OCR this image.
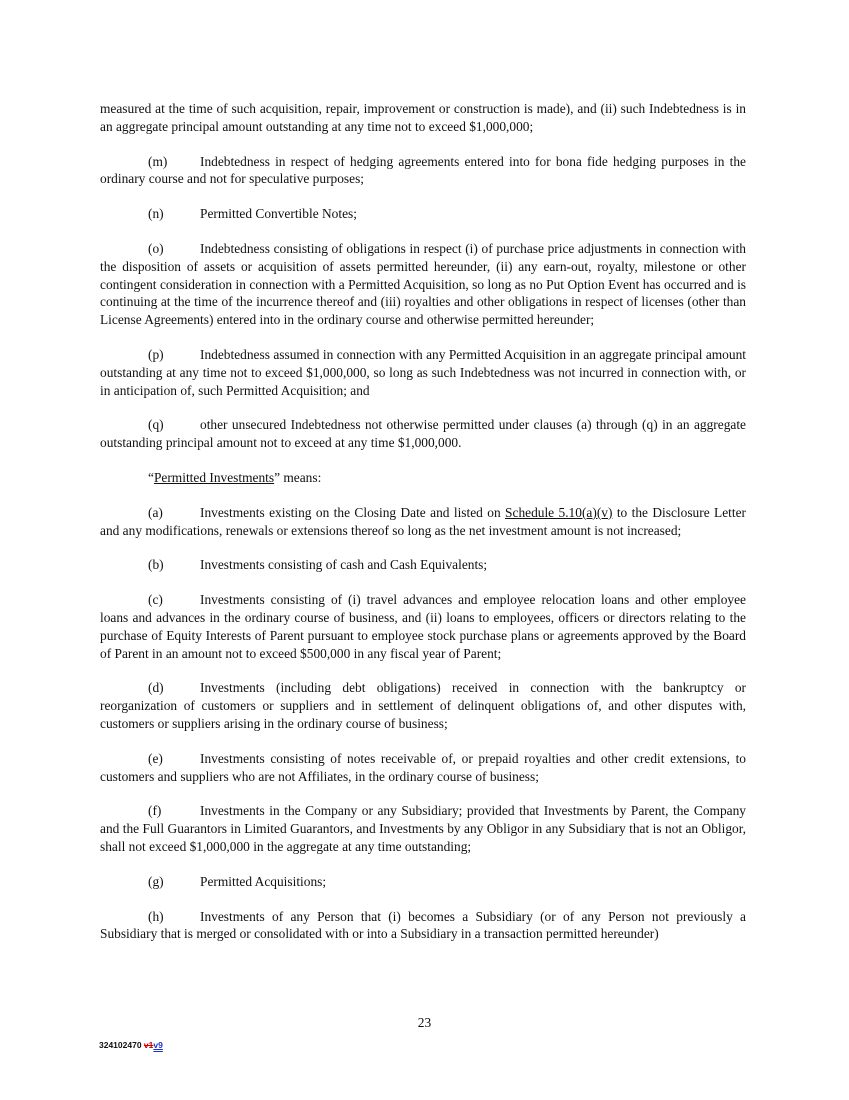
measured at the time of such acquisition, repair, improvement or construction is made), and (ii) such Indebtedness is in an aggregate principal amount outstanding at any time not to exceed $1,000,000;

(m) Indebtedness in respect of hedging agreements entered into for bona fide hedging purposes in the ordinary course and not for speculative purposes;

(n)	Permitted Convertible Notes;

(o)	Indebtedness consisting of obligations in respect (i) of purchase price adjustments in connection with the disposition of assets or acquisition of assets permitted hereunder, (ii) any earn-out, royalty, milestone or other contingent consideration in connection with a Permitted Acquisition, so long as no Put Option Event has occurred and is continuing at the time of the incurrence thereof and (iii) royalties and other obligations in respect of licenses (other than License Agreements) entered into in the ordinary course and otherwise permitted hereunder;

(p)	Indebtedness assumed in connection with any Permitted Acquisition in an aggregate principal amount outstanding at any time not to exceed $1,000,000, so long as such Indebtedness was not incurred in connection with, or in anticipation of, such Permitted Acquisition; and

(q)	other unsecured Indebtedness not otherwise permitted under clauses (a) through (q) in an aggregate outstanding principal amount not to exceed at any time $1,000,000.

“Permitted Investments” means:

(a)	Investments existing on the Closing Date and listed on Schedule 5.10(a)(v) to the Disclosure Letter and any modifications, renewals or extensions thereof so long as the net investment amount is not increased;

(b)	Investments consisting of cash and Cash Equivalents;

(c)	Investments consisting of (i) travel advances and employee relocation loans and other employee loans and advances in the ordinary course of business, and (ii) loans to employees, officers or directors relating to the purchase of Equity Interests of Parent pursuant to employee stock purchase plans or agreements approved by the Board of Parent in an amount not to exceed $500,000 in any fiscal year of Parent;

(d)	Investments (including debt obligations) received in connection with the bankruptcy or reorganization of customers or suppliers and in settlement of delinquent obligations of, and other disputes with, customers or suppliers arising in the ordinary course of business;

(e)	Investments consisting of notes receivable of, or prepaid royalties and other credit extensions, to customers and suppliers who are not Affiliates, in the ordinary course of business;

(f)	Investments in the Company or any Subsidiary; provided that Investments by Parent, the Company and the Full Guarantors in Limited Guarantors, and Investments by any Obligor in any Subsidiary that is not an Obligor, shall not exceed $1,000,000 in the aggregate at any time outstanding;

(g)	Permitted Acquisitions;

(h)	Investments of any Person that (i) becomes a Subsidiary (or of any Person not previously a Subsidiary that is merged or consolidated with or into a Subsidiary in a transaction permitted hereunder)

23
324102470 v1v9
